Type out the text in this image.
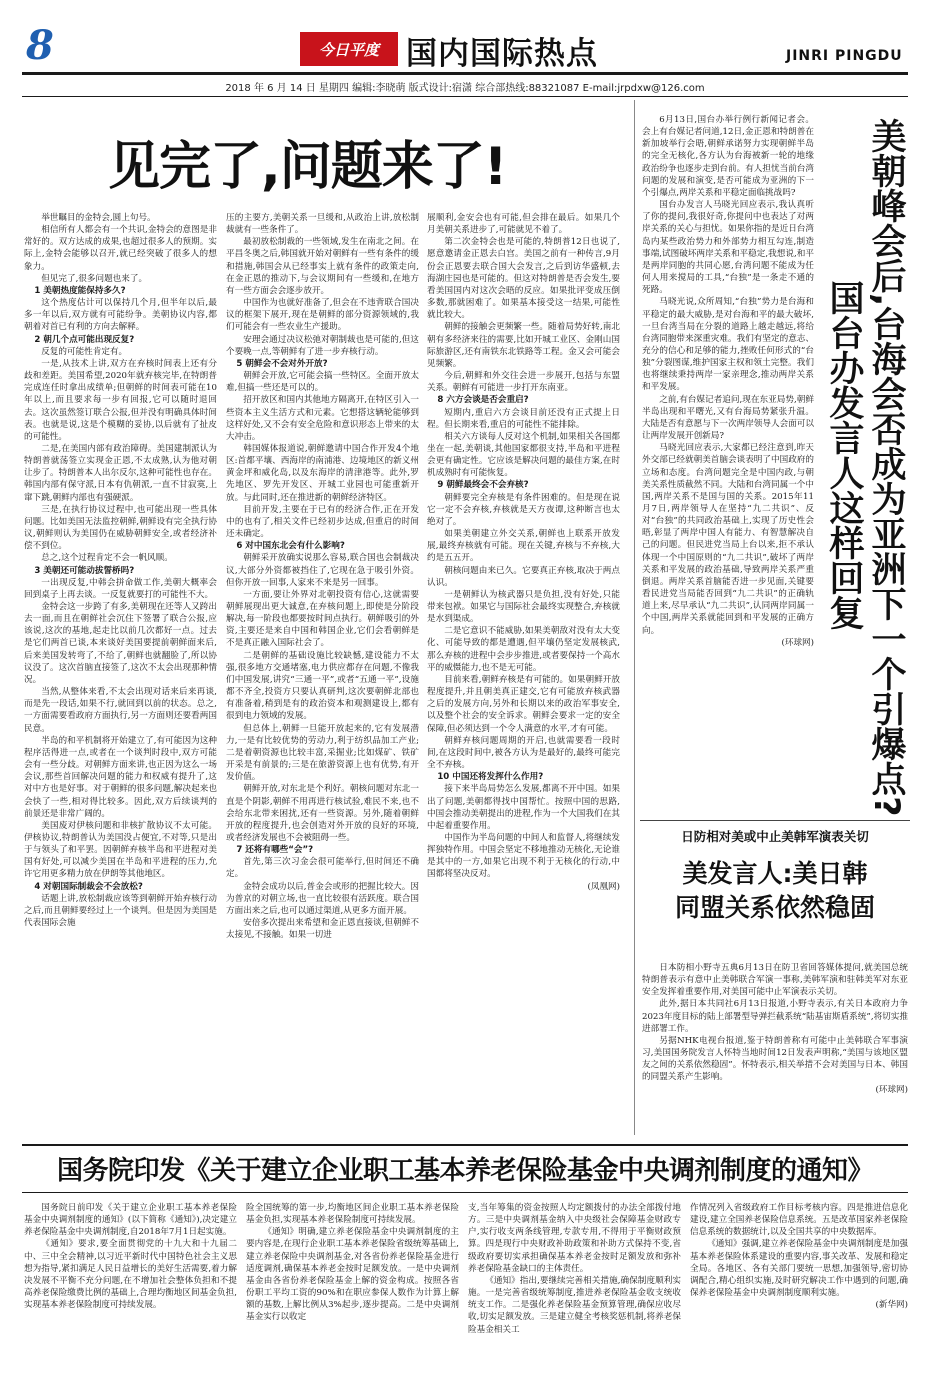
8	今日平度 国内国际热点	JINRI PINGDU
2018 年 6 月 14 日 星期四 编辑:李晓萌 版式设计:宿潇 综合部热线:88321087 E-mail:jrpdxw@126.com
见完了,问题来了!

举世瞩目的金特会,圆上句号。

相信所有人都会有一个共识,金特会的意图是非常好的。双方达成的成果,也超过很多人的预期。实际上,金特会能够以召开,就已经突破了很多人的想象力。

但见完了,很多问题也来了。

1 美朝热度能保持多久?

这个热度估计可以保持几个月,但半年以后,最多一年以后,双方就有可能纷争。美朝协议内容,都朝着对首已有利的方向去解释。

2 朝几个点可能出现反复?

反复的可能性肯定有。

一是,从技术上讲,双方在弃核时间表上还有分歧和差距。美国希望,2020年就弃核完毕,在特朗普完成连任时拿出成绩单;但朝鲜的时间表可能在10年以上,而且要求每一步有回报,它可以随时退回去。这次虽然签订联合公报,但并没有明确具体时间表。也就是说,这是个模糊的妥协,以后就有了扯皮的可能性。

二是,在美国内部有政治障碍。美国建制派认为特朗普就荡签立实现金正恩,不太成熟,认为他对朝让步了。特朗普本人出尔反尔,这种可能性也存在。韩国内部有保守派,日本有仇朝派,一直不甘寂寞,上窜下跳,朝鲜内部也有强硬派。

三是,在执行协议过程中,也可能出现一些具体问题。比如美国无法监控朝鲜,朝鲜设有完全执行协议,朝鲜则认为美国仍在威胁朝鲜安全,或者经济补偿不到位。

总之,这个过程肯定不会一帆风顺。

3 美朝还可能动拔誓桥吗?

一出现反复,中韩会拼命做工作,美朝大概率会回到桌子上再去谈。一反复就要打的可能性不大。

金特会这一步跨了有多,美朝现在还等人又跨出去一面,而且在朝鲜社会沉住下签署了联合公报,应该说,这次的基地,起走比以前几次都好一点。过去是它们两首已谈,本来谈好美国要提前朝鲜面来后,后来美国发转弯了,不给了,朝鲜也就翻脸了,所以协议没了。这次首脑直接签了,这次不太会出现那种情况。

当然,从整体来看,不太会出现对话来后来再谈,而是先一段话,如果不行,就回到以前的状态。总之,一方面需要看政府方面执行,另一方面则还要看两国民意。

半岛的和平机制将开始建立了,有可能因为这种程序活得进一点,或者在一个谈判时段中,双方可能会有一些分歧。对朝鲜方面来讲,也正因为这么一场会议,那些首回解决问题的能力和权威有提升了,这对中方也是好事。对于朝鲜的很多问题,解决起来也会快了一些,相对得比较多。因此,双方后续谈判的前景还是非常广阔的。

美国废对伊核问题和非核扩散协议不太可能。伊核协议,特朗普认为美国没占便宜,不对等,只是出于与领头了和平罢。因朝鲜弃核半岛和平进程对美国有好处,可以减少美国在半岛和平进程的压力,允许它用更多精力放在伊朗等其他地区。

4 对朝国际制裁会不会放松?

话题上讲,放松制裁应该等到朝鲜开始弃核行动之后,而且朝鲜要经过上一个谈判。但是因为美国是代表国际会施

压的主要方,美朝关系一旦缓和,从政治上讲,放松制裁就有一些条件了。

最初放松制裁的一些领域,发生在南北之间。在平昌冬奥之后,韩国就开始对朝鲜有一些有条件的缓和措施,韩国会从已经事实上就有条件的政策走向,在金正恩的推动下,与会议期间有一些缓和,在地方有一些方面会会逐步放开。

中国作为也就好准备了,但会在不违背联合国决议的框架下展开,现在是朝鲜的部分资源领域的,我们可能会有一些农业生产援助。

安理会通过决议松弛对朝制裁也是可能的,但这个要晚一点,等朝鲜有了进一步弃核行动。

5 朝鲜会不会对外开放?

朝鲜会开放,它可能会搞一些特区。全面开放太难,但搞一些还是可以的。

招开放区和国内其他地方隔离开,在特区引入一些资本主义生活方式和元素。它想搭这辆轮能够到这样好处,又不会有安全危险和意识形态上带来的太大冲击。

韩国媒体报道说,朝鲜邀请中国合作开发4个地区:首都平壤、西海岸的南浦港、边境地区的新义州黄金坪和威化岛,以及东海岸的清津港等。此外,罗先地区、罗先开发区、开城工业园也可能重新开放。与此同时,还在推进新的朝鲜经济特区。

目前开发,主要在于已有的经济合作,正在开发中的也有了,相关文件已经初步达成,但重启的时间还未确定。

6 对中国东北会有什么影响?

朝鲜采开放确实说那么容易,联合国也会制裁决议,大部分外资都被挡住了,它现在急于吸引外资。但你开放一回事,人家来不来是另一回事。

一方面,要让外界对北朝投资有信心,这就需要朝鲜展现出更大诚意,在弃核问题上,即使是分阶段解决,每一阶段也都要按时间点执行。朝鲜吸引的外资,主要还是来自中国和韩国企业,它们会看朝鲜是不是真正融入国际社会了。

二是朝鲜的基础设施比较缺憾,建设能力不太强,很多地方交通堵塞,电力供应都存在问题,不像我们中国发展,讲究“三通一平”,或者“五通一平”,设施都不齐全,投资方只要认真研判,这次要朝鲜北部也有准备着,稍到是有的政治资本和观测建设上,都有很到电力领域的发展。

但总体上,朝鲜一旦能开放起来的,它有发展潜力,一是有比较优势的劳动力,利于纺织品加工产业;二是着朝资源也比较丰富,采掘业;比如煤矿、铁矿开采是有前景的;三是在旅游资源上也有优势,有开发价值。

朝鲜开放,对东北是个利好。朝核问题对东北一直是个阴影,朝鲜不用再进行核试验,难民不来,也不会给东北带来困扰,还有一些资源。另外,随着朝鲜开放的程度提升,也会创造对外开放的良好的环境,或者经济发展也不会被阻碍一些。

7 还将有哪些“会”?

首先,第三次习金会很可能举行,但时间还不确定。

金特会成功以后,普金会或形的把握比较大。因为普京的对朝立场,也一直比较很有活跃度。联合国方面出来之后,也可以通过渠道,从更多方面开展。

安倍多次提出来希望和金正恩直接谈,但朝鲜不太接见,不接触。如果一切进

展顺利,金安会也有可能,但会排在最后。如果几个月美朝关系进步了,可能就见不着了。

第二次金特会也是可能的,特朗普12日也说了,愿意邀请金正恩去白宫。美国之前有一种传言,9月份会正恩要去联合国大会发言,之后到访华盛顿,去海湖庄园也是可能的。但这对特朗普是否会发生,要看美国国内对这次会晤的反应。如果批评变成压倒多数,那就困难了。如果基本接受这一结果,可能性就比较大。

朝鲜的接触会更频繁一些。随着局势好转,南北朝有多经济来往的需要,比如开城工业区、金刚山国际旅游区,还有南铁东北铁路等工程。金又会可能会见频繁。

今后,朝鲜和外交往会进一步展开,包括与东盟关系。朝鲜有可能进一步打开东南亚。

8 六方会谈是否会重启?

短期内,重启六方会谈目前还没有正式提上日程。但长期来看,重启的可能性不能排除。

相关六方谈每人反对这个机制,如果相关各国都坐在一起,美朝谈,其他国家都很支持,半岛和平进程会更有确定性。它应该是解决问题的最佳方案,在时机成熟时有可能恢复。

9 朝鲜最终会不会弃核?

朝鲜要完全弃核是有条件困难的。但是现在说它一定不会弃核,弃核就是天方夜谭,这种断言也太绝对了。

如果美朝建立外交关系,朝鲜也上联系开放发展,最终弃核就有可能。现在关键,弃核与不弃核,大约是五五开。

朝核问题由来已久。它要真正弃核,取决于两点认识。

一是朝鲜认为核武器只是负担,没有好处,只能带来包袱。如果它与国际社会最终实现整合,弃核就是水到渠成。

二是它意识不能威胁,如果美朝敌对没有太大变化、可能导致的都是遭遇,但平壤仍坚定发展核武,那么弃核的进程中会步步推进,或者要保持一个高水平的威慑能力,也不是无可能。

目前来看,朝鲜弃核是有可能的。如果朝鲜开放程度提升,并且朝美真正建交,它有可能放弃核武器之后的发展方向,另外和长期以来的政治军事安全,以及整个社会的安全诉求。朝鲜会要求一定的安全保障,但必须达到一个令人满意的水平,才有可能。

朝鲜弃核问题周期的开启,也就需要看一段时间,在这段时间中,被各方认为是最好的,最终可能完全不弃核。

10 中国还将发挥什么作用?

接下来半岛局势怎么发展,都离不开中国。如果出了问题,美朝都得找中国帮忙。按照中国的思路,中国会推动美朝提出的进程,作为一个大国我们在其中起着重要作用。

中国作为半岛问题的中间人和监督人,将继续发挥独特作用。中国会坚定不移地推动无核化,无论谁是其中的一方,如果它出现不利于无核化的行动,中国都将坚决反对。

(凤凰网)

美朝峰会后,台海会否成为亚洲下一个引爆点?
国台办发言人这样回复

6月13日,国台办举行例行新闻记者会。会上有台媒记者问道,12日,金正恩和特朗普在新加坡举行会晤,朝鲜承诺努力实现朝鲜半岛的完全无核化,各方认为台海被新一轮的地缘政治纷争也逐步走到台前。有人担忧当前台湾问题的发展和演变,是否可能成为亚洲的下一个引爆点,两岸关系和平稳定面临挑战吗?

国台办发言人马晓光回应表示,我认真听了你的提问,我很好奇,你提问中也表达了对两岸关系的关心与担忧。如果你指的是近日台湾岛内某些政治势力和外部势力相互勾连,制造事端,试图破坏两岸关系和平稳定,我想说,和平是两岸同胞的共同心愿,台湾问题不能成为任何人用来搅局的工具,“台独”是一条走不通的死路。

马晓光说,众所周知,“台独”势力是台海和平稳定的最大威胁,是对台海和平的最大破坏,一旦台湾当局在分裂的道路上越走越远,将给台湾同胞带来深重灾难。我们有坚定的意志、充分的信心和足够的能力,挫败任何形式的“台独”分裂图谋,维护国家主权和领土完整。我们也将继续秉持两岸一家亲理念,推动两岸关系和平发展。

之前,有台媒记者追问,现在东亚局势,朝鲜半岛出现和平曙光,又有台海局势紧张升温。大陆是否有意愿与下一次两岸领导人会面可以让两岸发展开创新局?

马晓光回应表示,大家都已经注意到,昨天外交部已经就朝美首脑会谈表明了中国政府的立场和态度。台湾问题完全是中国内政,与朝美关系性质截然不同。大陆和台湾同属一个中国,两岸关系不是国与国的关系。2015年11月7日,两岸领导人在坚持“九二共识”、反对“台独”的共同政治基础上,实现了历史性会晤,彰显了两岸中国人有能力、有智慧解决自己的问题。但民进党当局上台以来,拒不承认体现一个中国原则的“九二共识”,破坏了两岸关系和平发展的政治基础,导致两岸关系严重倒退。两岸关系首脑能否进一步见面,关键要看民进党当局能否回到“九二共识”的正确轨道上来,尽早承认“九二共识”,认同两岸同属一个中国,两岸关系就能回到和平发展的正确方向。

(环球网)

日防相对美或中止美韩军演表关切
美发言人:美日韩
同盟关系依然稳固

日本防相小野寺五典6月13日在防卫省回答媒体提问,就美国总统特朗普表示有意中止美韩联合军演一事称,美韩军演和驻韩美军对东亚安全发挥着重要作用,对美国可能中止军演表示关切。

此外,据日本共同社6月13日报道,小野寺表示,有关日本政府力争2023年度目标的陆上部署型导弹拦截系统“陆基宙斯盾系统”,将切实推进部署工作。

另据NHK电视台报道,鉴于特朗普称有可能中止美韩联合军事演习,美国国务院发言人怀特当地时间12日发表声明称,“美国与该地区盟友之间的关系依然稳固”。怀特表示,相关举措不会对美国与日本、韩国的同盟关系产生影响。

(环球网)

国务院印发《关于建立企业职工基本养老保险基金中央调剂制度的通知》

国务院日前印发《关于建立企业职工基本养老保险基金中央调剂制度的通知》(以下简称《通知》),决定建立养老保险基金中央调剂制度,自2018年7月1日起实施。

《通知》要求,要全面贯彻党的十九大和十九届二中、三中全会精神,以习近平新时代中国特色社会主义思想为指导,紧扣满足人民日益增长的美好生活需要,着力解决发展不平衡不充分问题,在不增加社会整体负担和不提高养老保险缴费比例的基础上,合理均衡地区间基金负担,实现基本养老保险制度可持续发展。

险全国统筹的第一步,均衡地区间企业职工基本养老保险基金负担,实现基本养老保险制度可持续发展。

《通知》明确,建立养老保险基金中央调剂制度的主要内容是,在现行企业职工基本养老保险省级统筹基础上,建立养老保险中央调剂基金,对各省份养老保险基金进行适度调剂,确保基本养老金按时足额发放。一是中央调剂基金由各省份养老保险基金上解的资金构成。按照各省份职工平均工资的90%和在职应参保人数作为计算上解额的基数,上解比例从3%起步,逐步提高。二是中央调剂基金实行以收定

支,当年筹集的资金按照人均定额拨付的办法全部拨付地方。三是中央调剂基金纳入中央级社会保障基金财政专户,实行收支两条线管理,专款专用,不得用于平衡财政预算。四是现行中央财政补助政策和补助方式保持不变,省级政府要切实承担确保基本养老金按时足额发放和弥补养老保险基金缺口的主体责任。

《通知》指出,要继续完善相关措施,确保制度顺利实施。一是完善省级统筹制度,推进养老保险基金收支统收统支工作。二是强化养老保险基金预算管理,确保应收尽收,切实足额发放。三是建立健全考核奖惩机制,将养老保险基金相关工

作情况列入省级政府工作目标考核内容。四是推进信息化建设,建立全国养老保险信息系统。五是改革国家养老保险信息系统的数据统计,以及全国共享的中央数据库。

《通知》强调,建立养老保险基金中央调剂制度是加强基本养老保险体系建设的重要内容,事关改革、发展和稳定全局。各地区、各有关部门要统一思想,加强领导,密切协调配合,精心组织实施,及时研究解决工作中遇到的问题,确保养老保险基金中央调剂制度顺利实施。

(新华网)
